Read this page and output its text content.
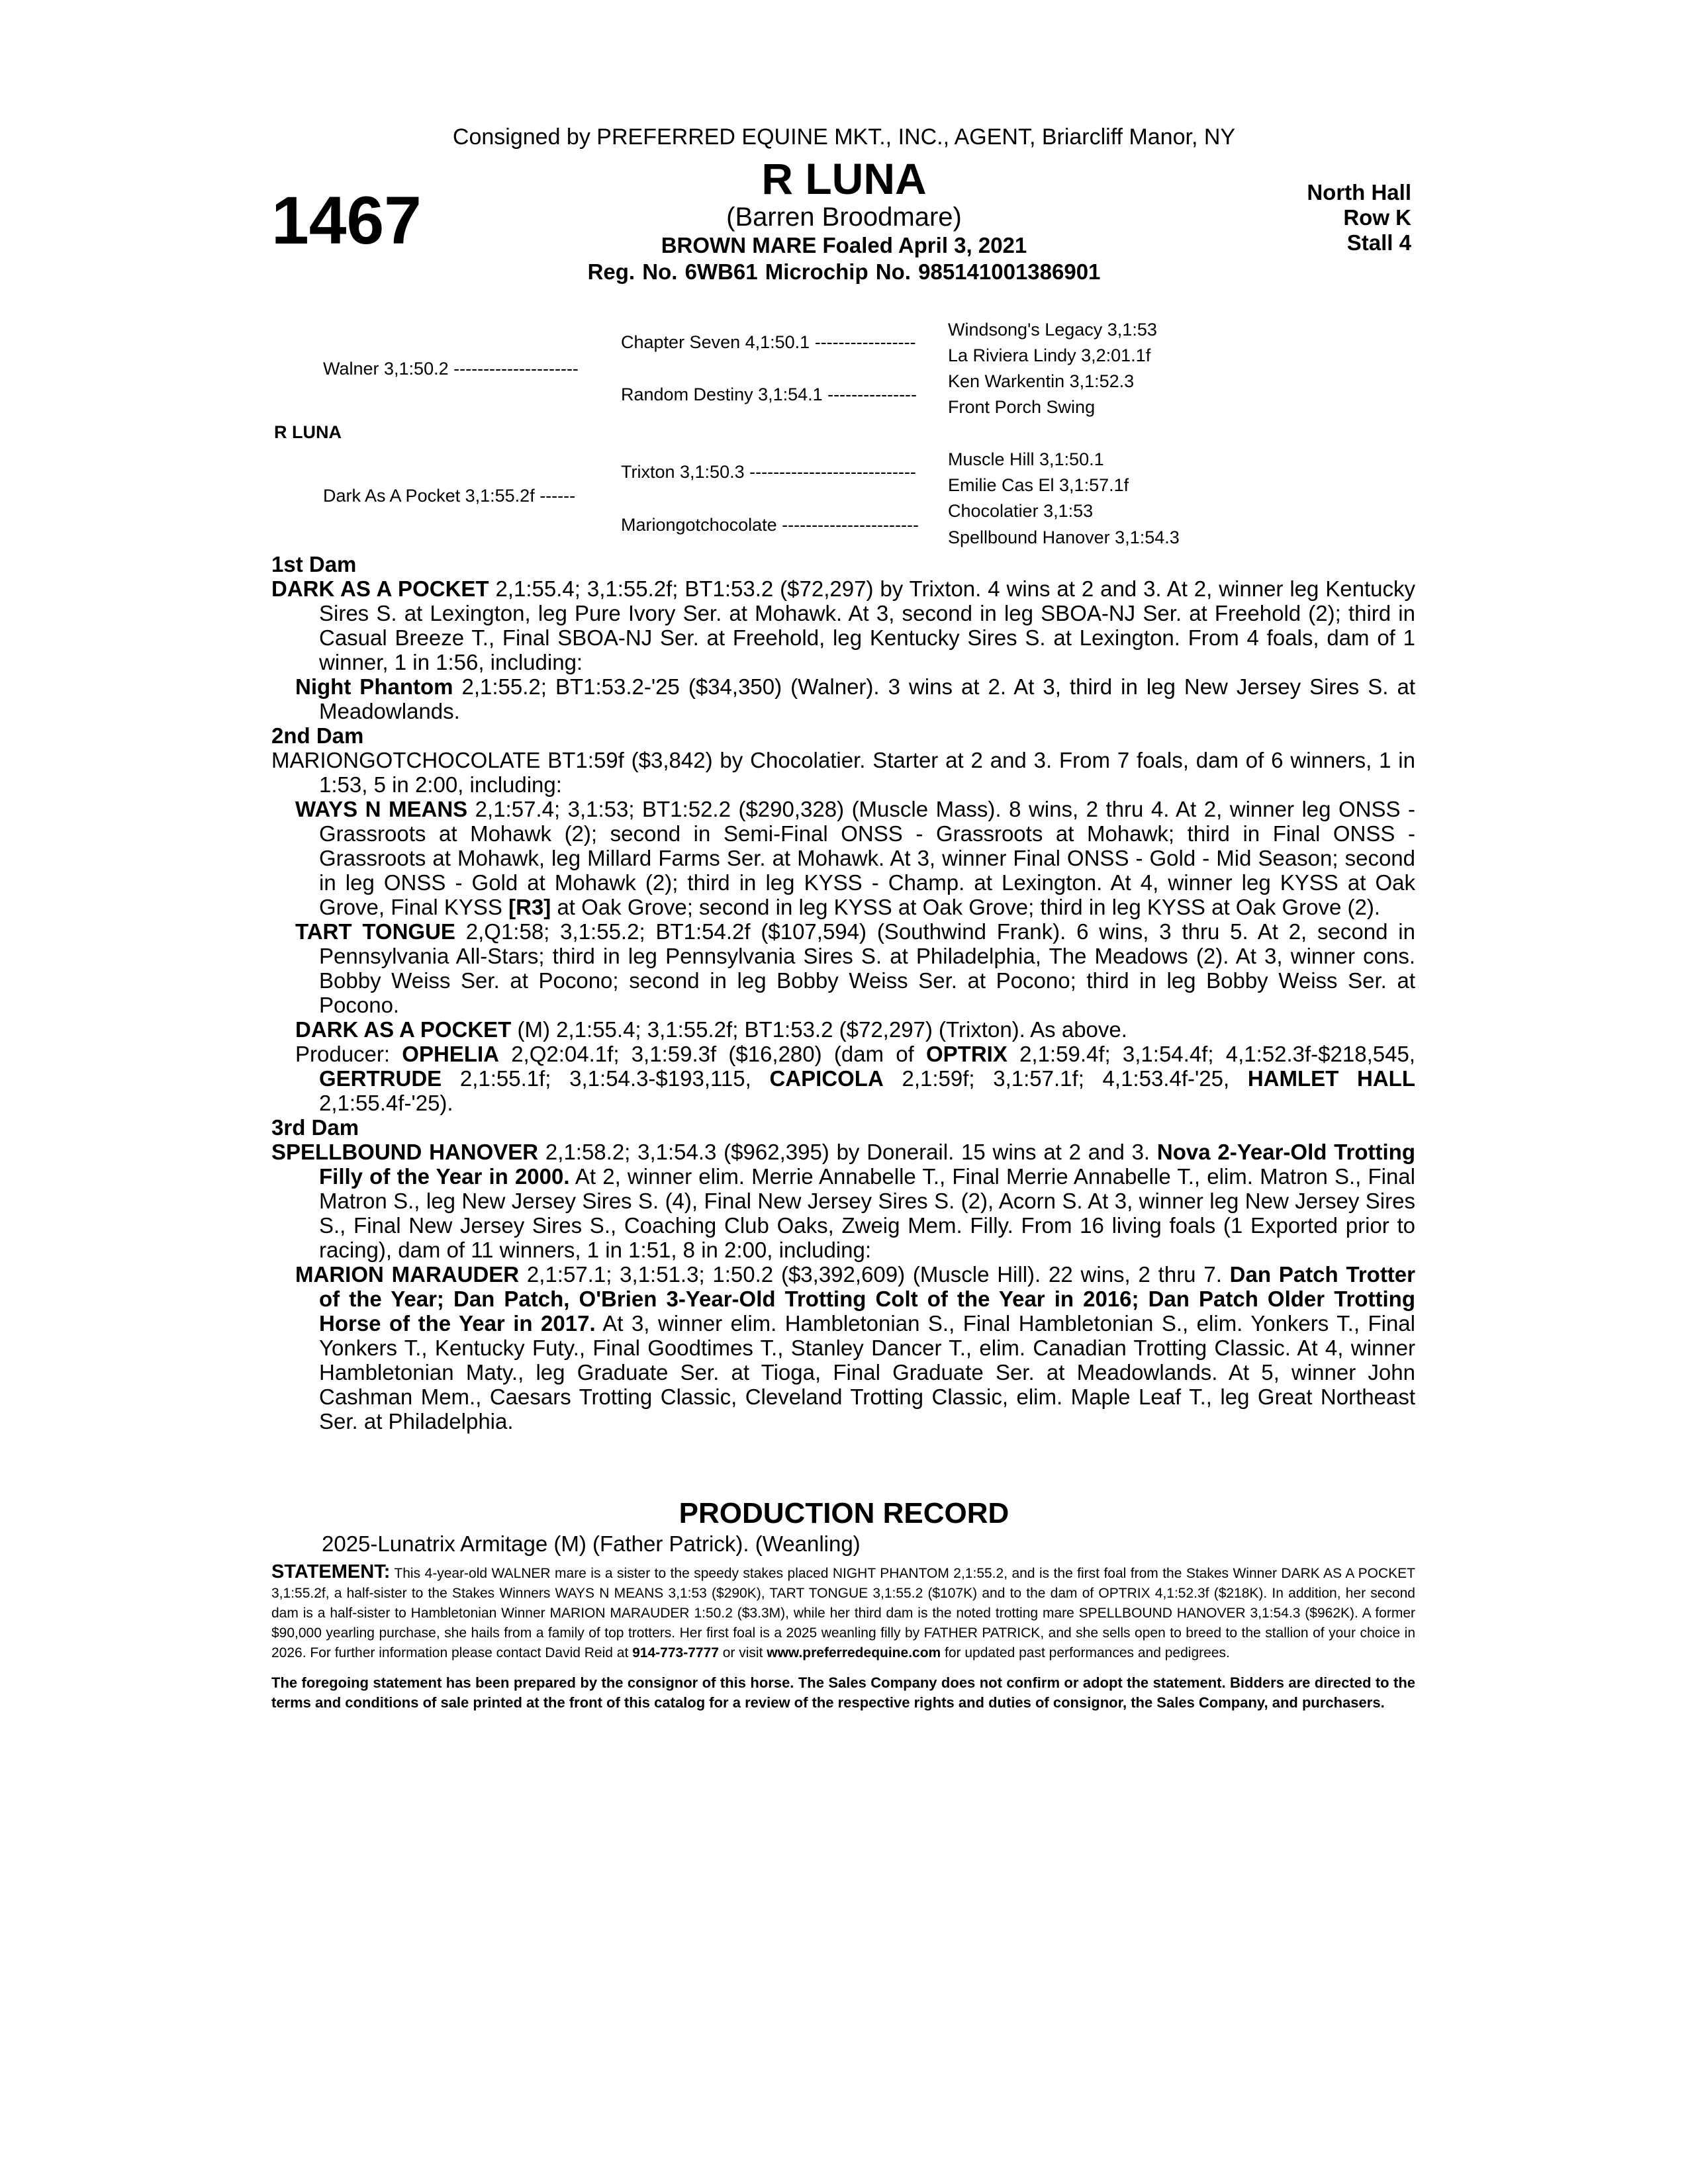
Consigned by PREFERRED EQUINE MKT., INC., AGENT, Briarcliff Manor, NY
1467
R LUNA
(Barren Broodmare)
BROWN MARE Foaled April 3, 2021
Reg. No. 6WB61 Microchip No. 985141001386901
North Hall
Row K
Stall 4
R LUNA
Walner 3,1:50.2 ---------------------
Dark As A Pocket 3,1:55.2f ------
Chapter Seven 4,1:50.1 -----------------
Random Destiny 3,1:54.1 ---------------
Trixton 3,1:50.3 ----------------------------
Mariongotchocolate -----------------------
Windsong's Legacy 3,1:53
La Riviera Lindy 3,2:01.1f
Ken Warkentin 3,1:52.3
Front Porch Swing
Muscle Hill 3,1:50.1
Emilie Cas El 3,1:57.1f
Chocolatier 3,1:53
Spellbound Hanover 3,1:54.3

1st Dam

DARK AS A POCKET 2,1:55.4; 3,1:55.2f; BT1:53.2 ($72,297) by Trixton. 4 wins at 2 and 3. At 2, winner leg Kentucky Sires S. at Lexington, leg Pure Ivory Ser. at Mohawk. At 3, second in leg SBOA-NJ Ser. at Freehold (2); third in Casual Breeze T., Final SBOA-NJ Ser. at Freehold, leg Kentucky Sires S. at Lexington. From 4 foals, dam of 1 winner, 1 in 1:56, including:

Night Phantom 2,1:55.2; BT1:53.2-'25 ($34,350) (Walner). 3 wins at 2. At 3, third in leg New Jersey Sires S. at Meadowlands.

2nd Dam

MARIONGOTCHOCOLATE BT1:59f ($3,842) by Chocolatier. Starter at 2 and 3. From 7 foals, dam of 6 winners, 1 in 1:53, 5 in 2:00, including:

WAYS N MEANS 2,1:57.4; 3,1:53; BT1:52.2 ($290,328) (Muscle Mass). 8 wins, 2 thru 4. At 2, winner leg ONSS - Grassroots at Mohawk (2); second in Semi-Final ONSS - Grassroots at Mohawk; third in Final ONSS - Grassroots at Mohawk, leg Millard Farms Ser. at Mohawk. At 3, winner Final ONSS - Gold - Mid Season; second in leg ONSS - Gold at Mohawk (2); third in leg KYSS - Champ. at Lexington. At 4, winner leg KYSS at Oak Grove, Final KYSS [R3] at Oak Grove; second in leg KYSS at Oak Grove; third in leg KYSS at Oak Grove (2).

TART TONGUE 2,Q1:58; 3,1:55.2; BT1:54.2f ($107,594) (Southwind Frank). 6 wins, 3 thru 5. At 2, second in Pennsylvania All-Stars; third in leg Pennsylvania Sires S. at Philadelphia, The Meadows (2). At 3, winner cons. Bobby Weiss Ser. at Pocono; second in leg Bobby Weiss Ser. at Pocono; third in leg Bobby Weiss Ser. at Pocono.

DARK AS A POCKET (M) 2,1:55.4; 3,1:55.2f; BT1:53.2 ($72,297) (Trixton). As above.

Producer: OPHELIA 2,Q2:04.1f; 3,1:59.3f ($16,280) (dam of OPTRIX 2,1:59.4f; 3,1:54.4f; 4,1:52.3f-$218,545, GERTRUDE 2,1:55.1f; 3,1:54.3-$193,115, CAPICOLA 2,1:59f; 3,1:57.1f; 4,1:53.4f-'25, HAMLET HALL 2,1:55.4f-'25).

3rd Dam

SPELLBOUND HANOVER 2,1:58.2; 3,1:54.3 ($962,395) by Donerail. 15 wins at 2 and 3. Nova 2-Year-Old Trotting Filly of the Year in 2000. At 2, winner elim. Merrie Annabelle T., Final Merrie Annabelle T., elim. Matron S., Final Matron S., leg New Jersey Sires S. (4), Final New Jersey Sires S. (2), Acorn S. At 3, winner leg New Jersey Sires S., Final New Jersey Sires S., Coaching Club Oaks, Zweig Mem. Filly. From 16 living foals (1 Exported prior to racing), dam of 11 winners, 1 in 1:51, 8 in 2:00, including:

MARION MARAUDER 2,1:57.1; 3,1:51.3; 1:50.2 ($3,392,609) (Muscle Hill). 22 wins, 2 thru 7. Dan Patch Trotter of the Year; Dan Patch, O'Brien 3-Year-Old Trotting Colt of the Year in 2016; Dan Patch Older Trotting Horse of the Year in 2017. At 3, winner elim. Hambletonian S., Final Hambletonian S., elim. Yonkers T., Final Yonkers T., Kentucky Futy., Final Goodtimes T., Stanley Dancer T., elim. Canadian Trotting Classic. At 4, winner Hambletonian Maty., leg Graduate Ser. at Tioga, Final Graduate Ser. at Meadowlands. At 5, winner John Cashman Mem., Caesars Trotting Classic, Cleveland Trotting Classic, elim. Maple Leaf T., leg Great Northeast Ser. at Philadelphia.

PRODUCTION RECORD
2025-Lunatrix Armitage (M) (Father Patrick). (Weanling)
STATEMENT: This 4-year-old WALNER mare is a sister to the speedy stakes placed NIGHT PHANTOM 2,1:55.2, and is the first foal from the Stakes Winner DARK AS A POCKET 3,1:55.2f, a half-sister to the Stakes Winners WAYS N MEANS 3,1:53 ($290K), TART TONGUE 3,1:55.2 ($107K) and to the dam of OPTRIX 4,1:52.3f ($218K). In addition, her second dam is a half-sister to Hambletonian Winner MARION MARAUDER 1:50.2 ($3.3M), while her third dam is the noted trotting mare SPELLBOUND HANOVER 3,1:54.3 ($962K). A former $90,000 yearling purchase, she hails from a family of top trotters. Her first foal is a 2025 weanling filly by FATHER PATRICK, and she sells open to breed to the stallion of your choice in 2026. For further information please contact David Reid at 914-773-7777 or visit www.preferredequine.com for updated past performances and pedigrees.
The foregoing statement has been prepared by the consignor of this horse. The Sales Company does not confirm or adopt the statement. Bidders are directed to the terms and conditions of sale printed at the front of this catalog for a review of the respective rights and duties of consignor, the Sales Company, and purchasers.
